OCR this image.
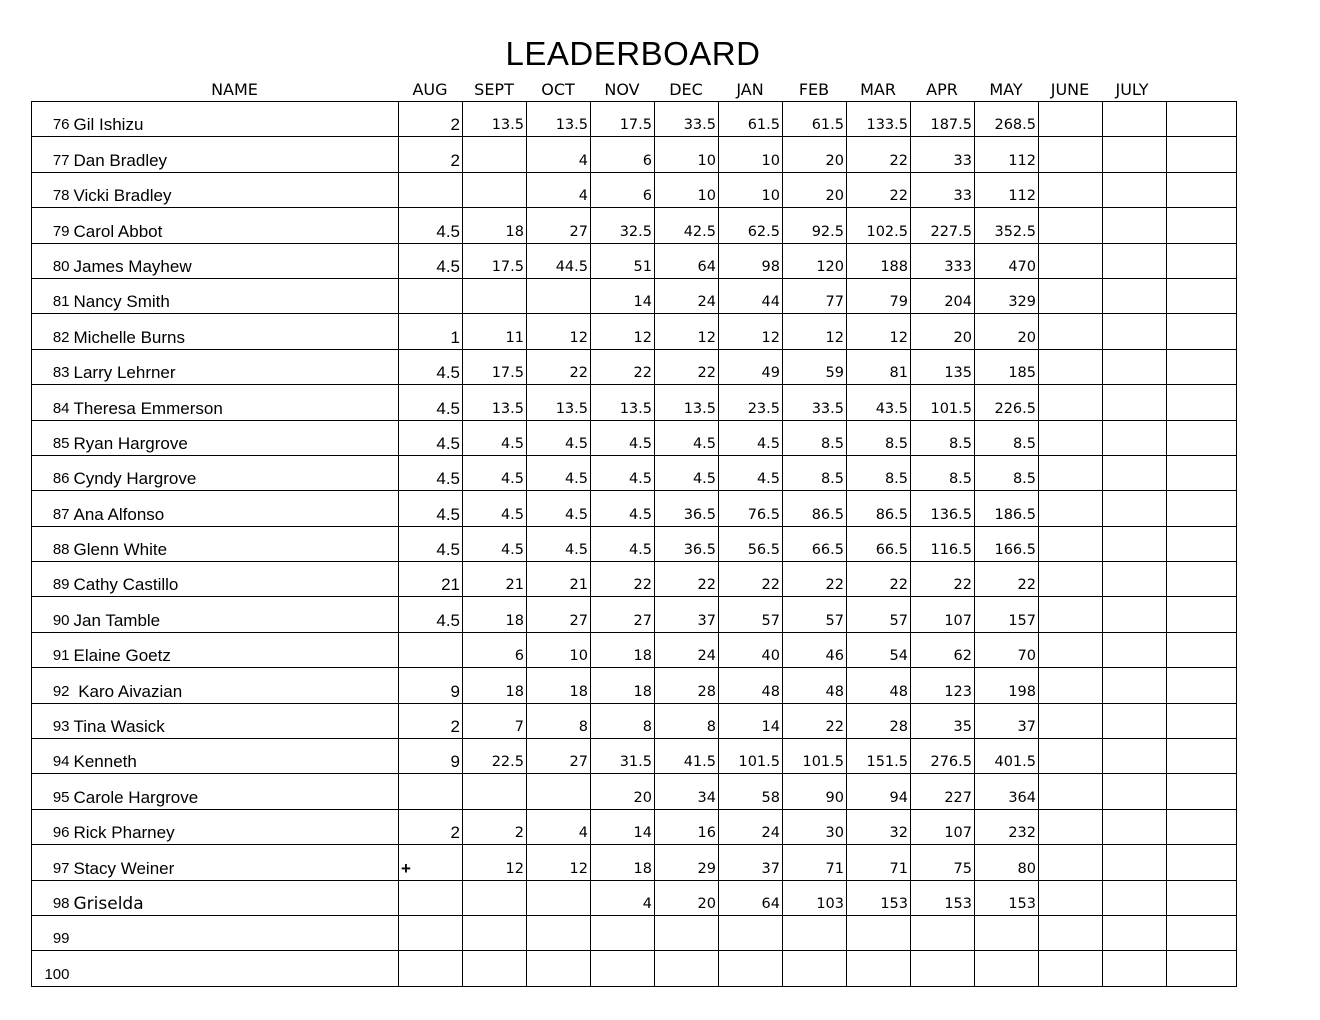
LEADERBOARD
NAME	AUG	SEPT	OCT	NOV	DEC	JAN	FEB	MAR	APR	MAY	JUNE	JULY
76	Gil Ishizu	2	13.5	13.5	17.5	33.5	61.5	61.5	133.5	187.5	268.5			
77	Dan Bradley	2		4	6	10	10	20	22	33	112			
78	Vicki Bradley			4	6	10	10	20	22	33	112			
79	Carol Abbot	4.5	18	27	32.5	42.5	62.5	92.5	102.5	227.5	352.5			
80	James Mayhew	4.5	17.5	44.5	51	64	98	120	188	333	470			
81	Nancy Smith				14	24	44	77	79	204	329			
82	Michelle Burns	1	11	12	12	12	12	12	12	20	20			
83	Larry Lehrner	4.5	17.5	22	22	22	49	59	81	135	185			
84	Theresa Emmerson	4.5	13.5	13.5	13.5	13.5	23.5	33.5	43.5	101.5	226.5			
85	Ryan Hargrove	4.5	4.5	4.5	4.5	4.5	4.5	8.5	8.5	8.5	8.5			
86	Cyndy Hargrove	4.5	4.5	4.5	4.5	4.5	4.5	8.5	8.5	8.5	8.5			
87	Ana Alfonso	4.5	4.5	4.5	4.5	36.5	76.5	86.5	86.5	136.5	186.5			
88	Glenn White	4.5	4.5	4.5	4.5	36.5	56.5	66.5	66.5	116.5	166.5			
89	Cathy Castillo	21	21	21	22	22	22	22	22	22	22			
90	Jan Tamble	4.5	18	27	27	37	57	57	57	107	157			
91	Elaine Goetz		6	10	18	24	40	46	54	62	70			
92	Karo Aivazian	9	18	18	18	28	48	48	48	123	198			
93	Tina Wasick	2	7	8	8	8	14	22	28	35	37			
94	Kenneth	9	22.5	27	31.5	41.5	101.5	101.5	151.5	276.5	401.5			
95	Carole Hargrove				20	34	58	90	94	227	364			
96	Rick Pharney	2	2	4	14	16	24	30	32	107	232			
97	Stacy Weiner	+	12	12	18	29	37	71	71	75	80			
98	Griselda				4	20	64	103	153	153	153			
99														
100														
